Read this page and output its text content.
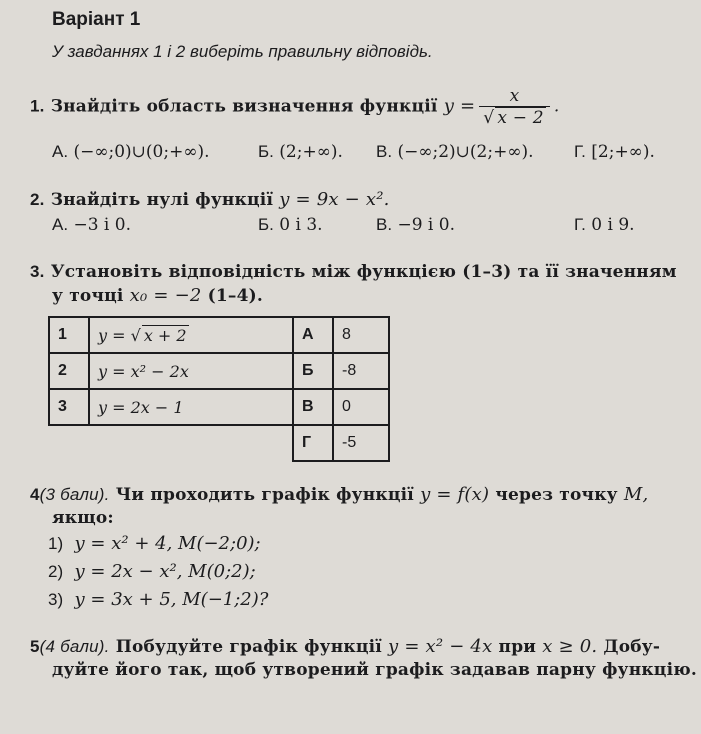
Варіант 1
У завданнях 1 і 2 виберіть правильну відповідь.
1. Знайдіть область визначення функції $y = \frac{x}{√ x - 2}$ .
А. (−∞;0)∪(0;+∞).	Б. (2;+∞). В. (−∞;2)∪(2;+∞). Г. [2;+∞).
2. Знайдіть нулі функції y = 9x − x².
А. −3 і 0.	Б. 0 і 3.	В. −9 і 0.	Г. 0 і 9.
3. Установіть відповідність між функцією (1–3) та її значенням
у точці x₀ = −2 (1–4).
1	y = √ x + 2	А	8
2	y = x² − 2x	Б	-8
3	y = 2x − 1	В	0
		Г	-5
4(3 бали). Чи проходить графік функції y = f(x) через точку M,
якщо:
1) y = x² + 4, M(−2;0);
2) y = 2x − x², M(0;2);
3) y = 3x + 5, M(−1;2)?
5(4 бали). Побудуйте графік функції y = x² − 4x при x ≥ 0. Добу-
дуйте його так, щоб утворений графік задавав парну функцію.
